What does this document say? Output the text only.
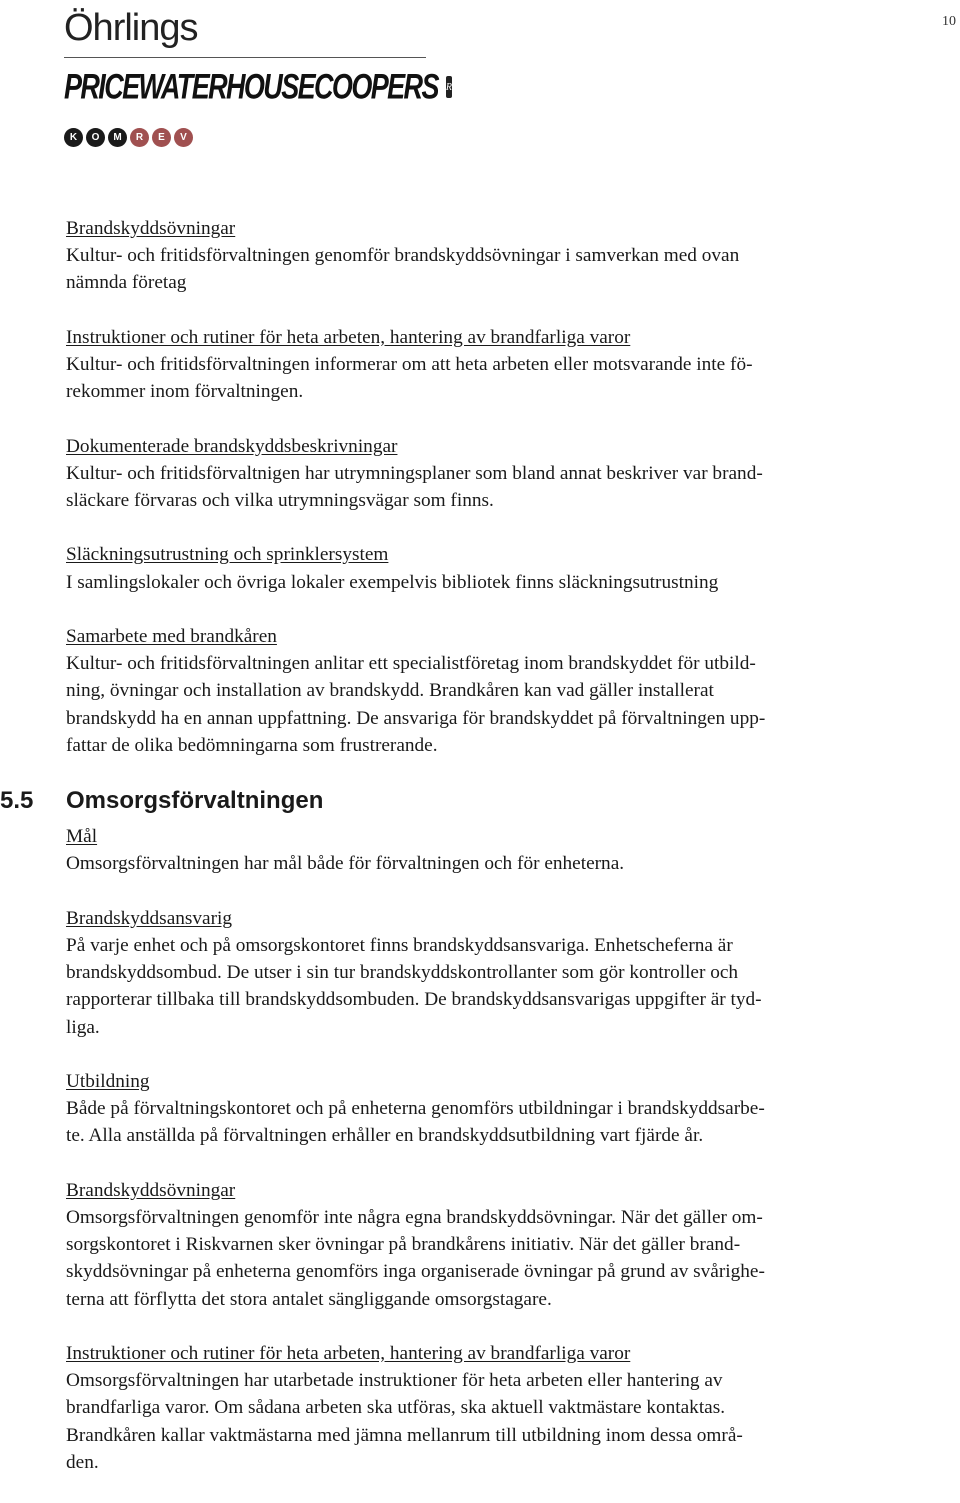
10
Öhrlings
PRICEWATERHOUSECOOPERS R
K	O	M	R	E	V
Brandskyddsövningar

Kultur- och fritidsförvaltningen genomför brandskyddsövningar i samverkan med ovan

nämnda företag

Instruktioner och rutiner för heta arbeten, hantering av brandfarliga varor

Kultur- och fritidsförvaltningen informerar om att heta arbeten eller motsvarande inte fö-

rekommer inom förvaltningen.

Dokumenterade brandskyddsbeskrivningar

Kultur- och fritidsförvaltnigen har utrymningsplaner som bland annat beskriver var brand-

släckare förvaras och vilka utrymningsvägar som finns.

Släckningsutrustning och sprinklersystem

I samlingslokaler och övriga lokaler exempelvis bibliotek finns släckningsutrustning

Samarbete med brandkåren

Kultur- och fritidsförvaltningen anlitar ett specialistföretag inom brandskyddet för utbild-

ning, övningar och installation av brandskydd. Brandkåren kan vad gäller installerat

brandskydd ha en annan uppfattning. De ansvariga för brandskyddet på förvaltningen upp-

fattar de olika bedömningarna som frustrerande.

5.5 Omsorgsförvaltningen
Mål

Omsorgsförvaltningen har mål både för förvaltningen och för enheterna.

Brandskyddsansvarig

På varje enhet och på omsorgskontoret finns brandskyddsansvariga. Enhetscheferna är

brandskyddsombud. De utser i sin tur brandskyddskontrollanter som gör kontroller och

rapporterar tillbaka till brandskyddsombuden. De brandskyddsansvarigas uppgifter är tyd-

liga.

Utbildning

Både på förvaltningskontoret och på enheterna genomförs utbildningar i brandskyddsarbe-

te. Alla anställda på förvaltningen erhåller en brandskyddsutbildning vart fjärde år.

Brandskyddsövningar

Omsorgsförvaltningen genomför inte några egna brandskyddsövningar. När det gäller om-

sorgskontoret i Riskvarnen sker övningar på brandkårens initiativ. När det gäller brand-

skyddsövningar på enheterna genomförs inga organiserade övningar på grund av svårighe-

terna att förflytta det stora antalet sängliggande omsorgstagare.

Instruktioner och rutiner för heta arbeten, hantering av brandfarliga varor

Omsorgsförvaltningen har utarbetade instruktioner för heta arbeten eller hantering av

brandfarliga varor. Om sådana arbeten ska utföras, ska aktuell vaktmästare kontaktas.

Brandkåren kallar vaktmästarna med jämna mellanrum till utbildning inom dessa områ-

den.
